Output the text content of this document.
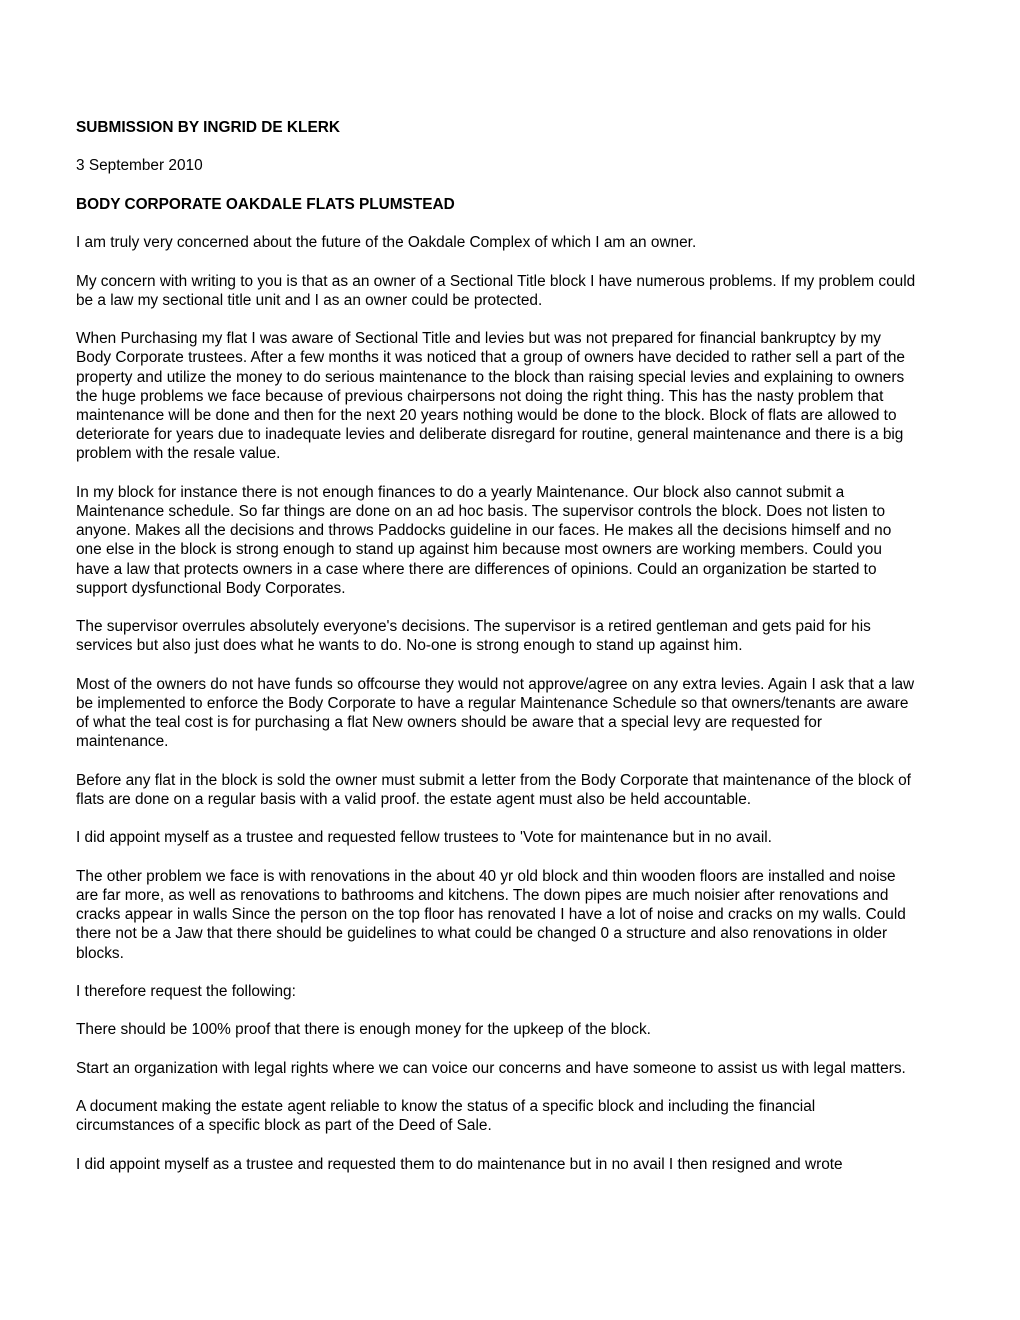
SUBMISSION BY INGRID DE KLERK

3 September 2010

BODY CORPORATE OAKDALE FLATS PLUMSTEAD

I am truly very concerned about the future of the Oakdale Complex of which I am an owner.

My concern with writing to you is that as an owner of a Sectional Title block I have numerous problems. If my problem could be a law my sectional title unit and I as an owner could be protected.

When Purchasing my flat I was aware of Sectional Title and levies but was not prepared for financial bankruptcy by my Body Corporate trustees. After a few months it was noticed that a group of owners have decided to rather sell a part of the property and utilize the money to do serious maintenance to the block than raising special levies and explaining to owners the huge problems we face because of previous chairpersons not doing the right thing. This has the nasty problem that maintenance will be done and then for the next 20 years nothing would be done to the block. Block of flats are allowed to deteriorate for years due to inadequate levies and deliberate disregard for routine, general maintenance and there is a big problem with the resale value.

In my block for instance there is not enough finances to do a yearly Maintenance. Our block also cannot submit a Maintenance schedule. So far things are done on an ad hoc basis. The supervisor controls the block. Does not listen to anyone. Makes all the decisions and throws Paddocks guideline in our faces. He makes all the decisions himself and no one else in the block is strong enough to stand up against him because most owners are working members. Could you have a law that protects owners in a case where there are differences of opinions. Could an organization be started to support dysfunctional Body Corporates.

The supervisor overrules absolutely everyone's decisions. The supervisor is a retired gentleman and gets paid for his services but also just does what he wants to do. No-one is strong enough to stand up against him.

Most of the owners do not have funds so offcourse they would not approve/agree on any extra levies. Again I ask that a law be implemented to enforce the Body Corporate to have a regular Maintenance Schedule so that owners/tenants are aware of what the teal cost is for purchasing a flat New owners should be aware that a special levy are requested for maintenance.

Before any flat in the block is sold the owner must submit a letter from the Body Corporate that maintenance of the block of flats are done on a regular basis with a valid proof. the estate agent must also be held accountable.

I did appoint myself as a trustee and requested fellow trustees to 'Vote for maintenance but in no avail.

The other problem we face is with renovations in the about 40 yr old block and thin wooden floors are installed and noise are far more, as well as renovations to bathrooms and kitchens. The down pipes are much noisier after renovations and cracks appear in walls Since the person on the top floor has renovated I have a lot of noise and cracks on my walls. Could there not be a Jaw that there should be guidelines to what could be changed 0 a structure and also renovations in older blocks.

I therefore request the following:

There should be 100% proof that there is enough money for the upkeep of the block.

Start an organization with legal rights where we can voice our concerns and have someone to assist us with legal matters.

A document making the estate agent reliable to know the status of a specific block and including the financial circumstances of a specific block as part of the Deed of Sale.

I did appoint myself as a trustee and requested them to do maintenance but in no avail I then resigned and wrote
